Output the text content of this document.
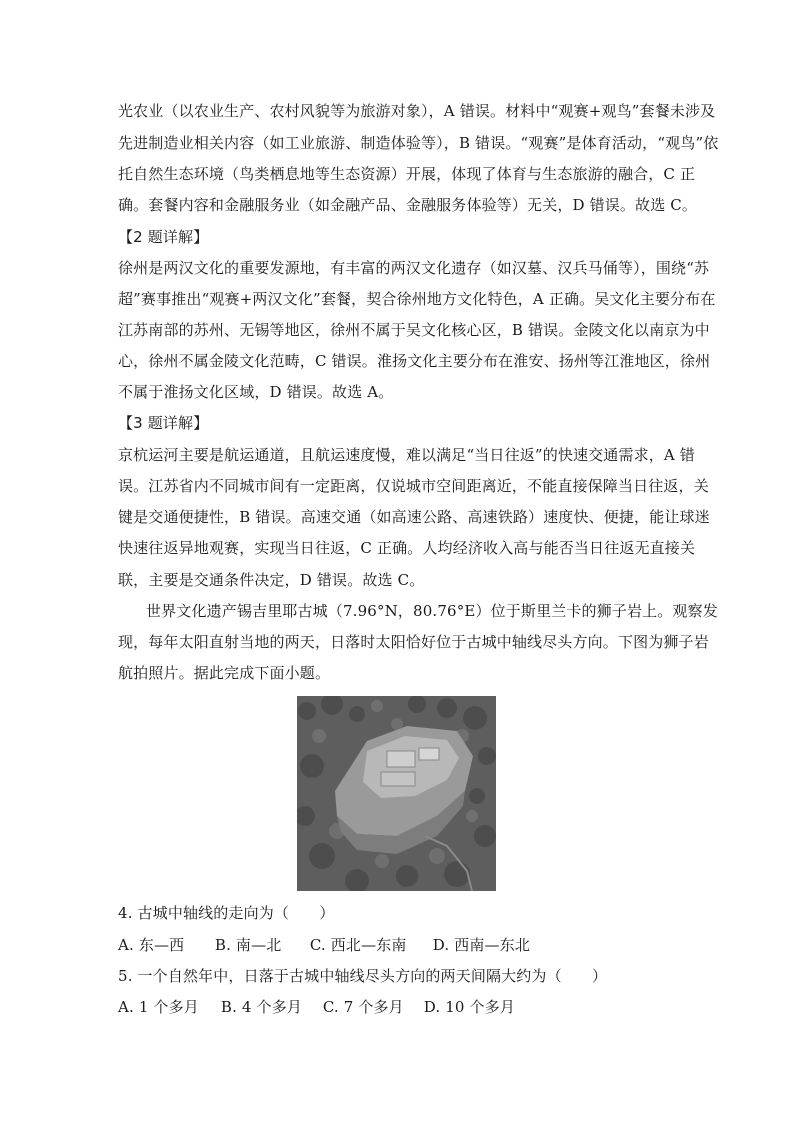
光农业（以农业生产、农村风貌等为旅游对象），A 错误。材料中“观赛+观鸟”套餐未涉及
先进制造业相关内容（如工业旅游、制造体验等），B 错误。“观赛”是体育活动，“观鸟”依
托自然生态环境（鸟类栖息地等生态资源）开展，体现了体育与生态旅游的融合，C 正
确。套餐内容和金融服务业（如金融产品、金融服务体验等）无关，D 错误。故选 C。
【2 题详解】
徐州是两汉文化的重要发源地，有丰富的两汉文化遗存（如汉墓、汉兵马俑等），围绕“苏
超”赛事推出“观赛+两汉文化”套餐，契合徐州地方文化特色，A 正确。吴文化主要分布在
江苏南部的苏州、无锡等地区，徐州不属于吴文化核心区，B 错误。金陵文化以南京为中
心，徐州不属金陵文化范畴，C 错误。淮扬文化主要分布在淮安、扬州等江淮地区，徐州
不属于淮扬文化区域，D 错误。故选 A。
【3 题详解】
京杭运河主要是航运通道，且航运速度慢，难以满足“当日往返”的快速交通需求，A 错
误。江苏省内不同城市间有一定距离，仅说城市空间距离近，不能直接保障当日往返，关
键是交通便捷性，B 错误。高速交通（如高速公路、高速铁路）速度快、便捷，能让球迷
快速往返异地观赛，实现当日往返，C 正确。人均经济收入高与能否当日往返无直接关
联，主要是交通条件决定，D 错误。故选 C。
世界文化遗产锡吉里耶古城（7.96°N，80.76°E）位于斯里兰卡的狮子岩上。观察发
现，每年太阳直射当地的两天，日落时太阳恰好位于古城中轴线尽头方向。下图为狮子岩
航拍照片。据此完成下面小题。
4. 古城中轴线的走向为（　　）
A. 东—西 B. 南—北 C. 西北—东南 D. 西南—东北
5. 一个自然年中，日落于古城中轴线尽头方向的两天间隔大约为（　　）
A. 1 个多月 B. 4 个多月 C. 7 个多月 D. 10 个多月
